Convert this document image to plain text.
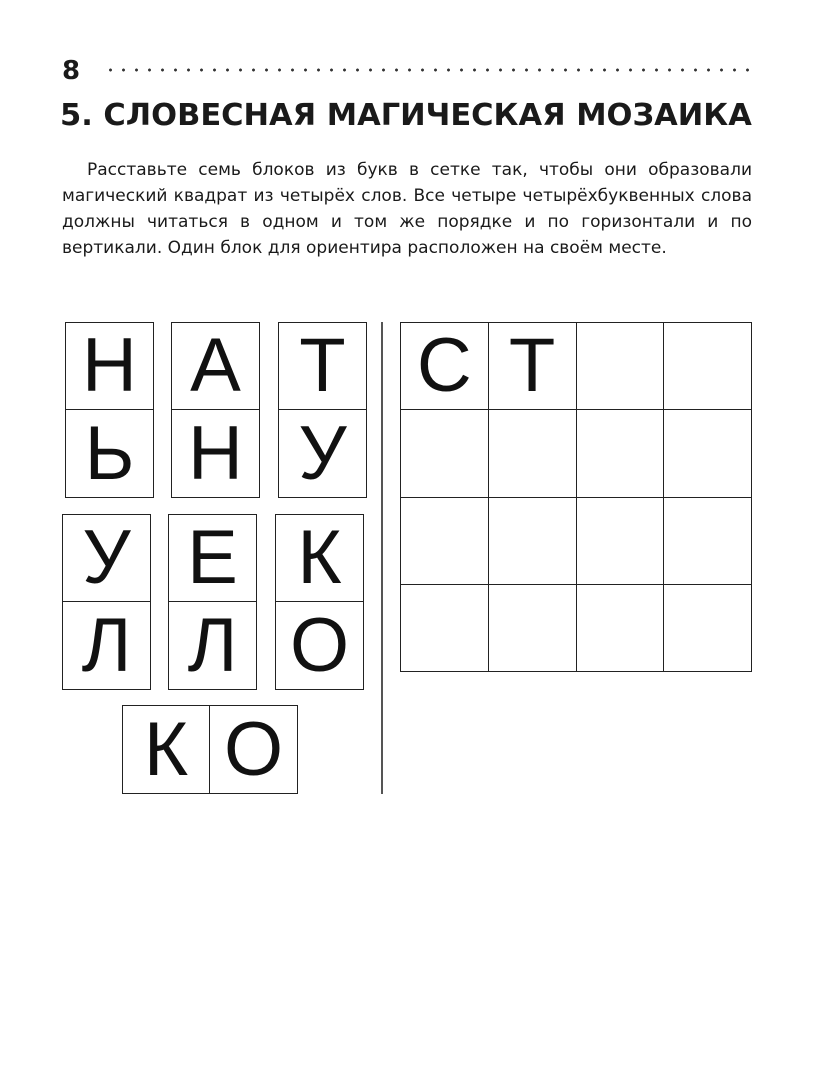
8
5. СЛОВЕСНАЯ МАГИЧЕСКАЯ МОЗАИКА

Расставьте семь блоков из букв в сетке так, чтобы они образовали магический квадрат из четырёх слов. Все четыре четырёхбуквенных слова должны читаться в одном и том же порядке и по горизонтали и по вертикали. Один блок для ориентира расположен на своём месте.

Н
Ь
А
Н
Т
У
У
Л
Е
Л
К
О
К О
С Т
